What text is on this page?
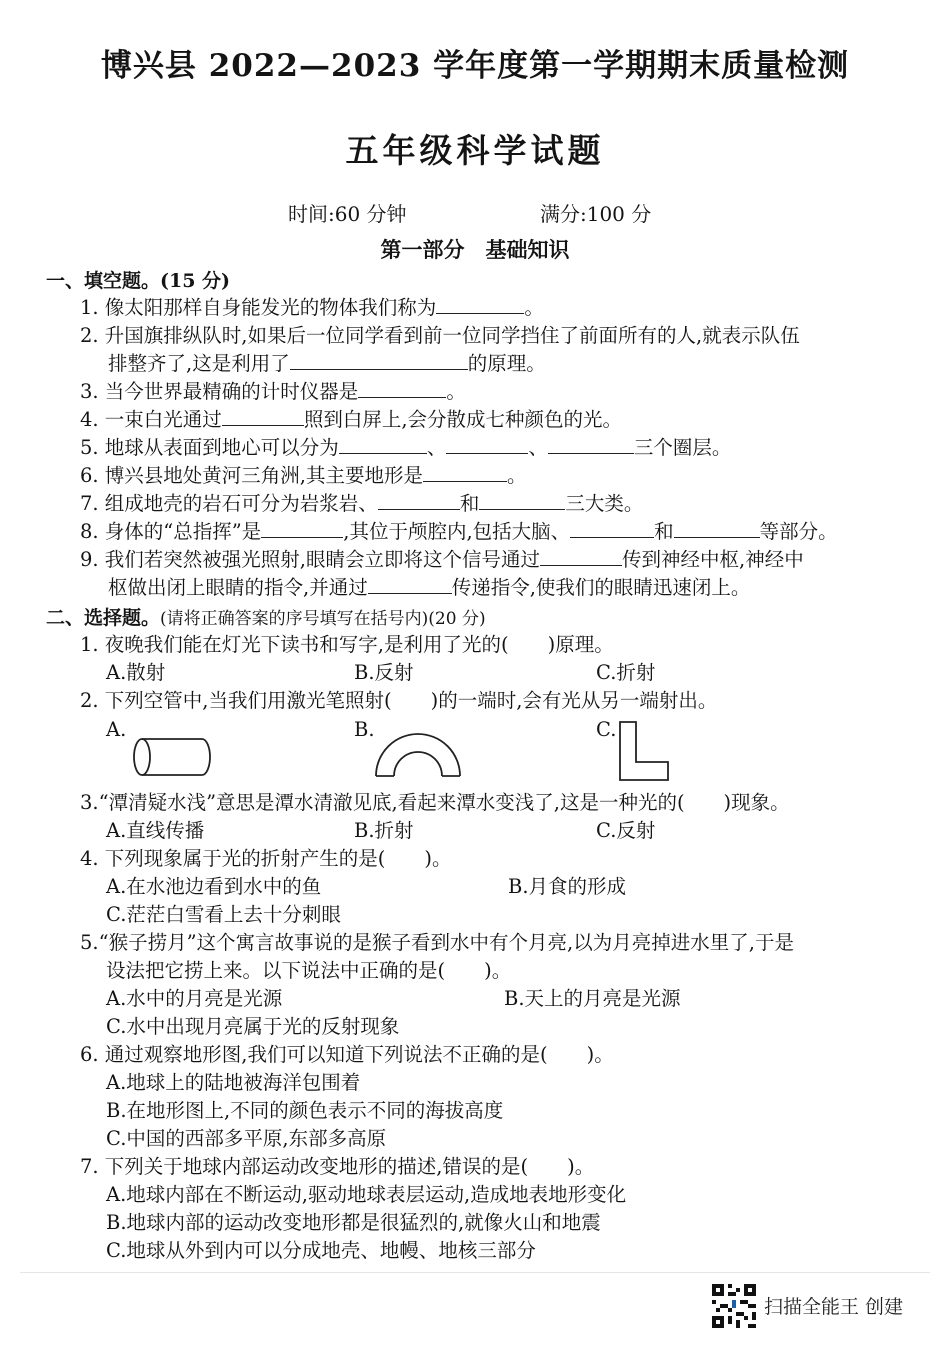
博兴县 2022—2023 学年度第一学期期末质量检测
五年级科学试题
时间:60 分钟	满分:100 分
第一部分　基础知识
一、填空题。(15 分)
1. 像太阳那样自身能发光的物体我们称为	。
2. 升国旗排纵队时,如果后一位同学看到前一位同学挡住了前面所有的人,就表示队伍
排整齐了,这是利用了	的原理。
3. 当今世界最精确的计时仪器是	。
4. 一束白光通过	照到白屏上,会分散成七种颜色的光。
5. 地球从表面到地心可以分为	、	、	三个圈层。
6. 博兴县地处黄河三角洲,其主要地形是	。
7. 组成地壳的岩石可分为岩浆岩、	和	三大类。
8. 身体的“总指挥”是	,其位于颅腔内,包括大脑、	和	等部分。
9. 我们若突然被强光照射,眼睛会立即将这个信号通过	传到神经中枢,神经中
枢做出闭上眼睛的指令,并通过	传递指令,使我们的眼睛迅速闭上。
二、选择题。(请将正确答案的序号填写在括号内)(20 分)
1. 夜晚我们能在灯光下读书和写字,是利用了光的(　　)原理。
A.散射	B.反射	C.折射
2. 下列空管中,当我们用激光笔照射(　　)的一端时,会有光从另一端射出。
A.	B.	C.
3.“潭清疑水浅”意思是潭水清澈见底,看起来潭水变浅了,这是一种光的(　　)现象。
A.直线传播	B.折射	C.反射
4. 下列现象属于光的折射产生的是(　　)。
A.在水池边看到水中的鱼	B.月食的形成
C.茫茫白雪看上去十分刺眼
5.“猴子捞月”这个寓言故事说的是猴子看到水中有个月亮,以为月亮掉进水里了,于是
设法把它捞上来。以下说法中正确的是(　　)。
A.水中的月亮是光源	B.天上的月亮是光源
C.水中出现月亮属于光的反射现象
6. 通过观察地形图,我们可以知道下列说法不正确的是(　　)。
A.地球上的陆地被海洋包围着
B.在地形图上,不同的颜色表示不同的海拔高度
C.中国的西部多平原,东部多高原
7. 下列关于地球内部运动改变地形的描述,错误的是(　　)。
A.地球内部在不断运动,驱动地球表层运动,造成地表地形变化
B.地球内部的运动改变地形都是很猛烈的,就像火山和地震
C.地球从外到内可以分成地壳、地幔、地核三部分
扫描全能王 创建
